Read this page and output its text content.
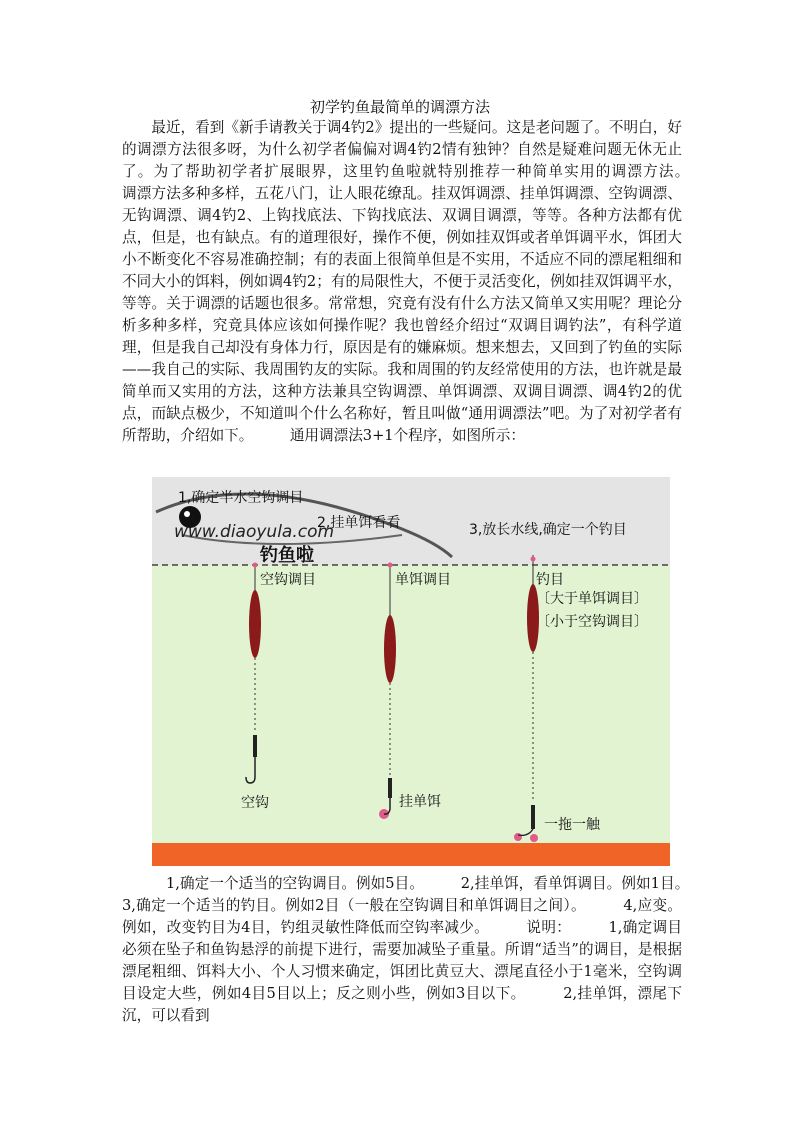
初学钓鱼最简单的调漂方法
　　最近，看到《新手请教关于调4钓2》提出的一些疑问。这是老问题了。不明白，好的调漂方法很多呀，为什么初学者偏偏对调4钓2情有独钟？自然是疑难问题无休无止了。为了帮助初学者扩展眼界，这里钓鱼啦就特别推荐一种简单实用的调漂方法。　　　调漂方法多种多样，五花八门，让人眼花缭乱。挂双饵调漂、挂单饵调漂、空钩调漂、无钩调漂、调4钓2、上钩找底法、下钩找底法、双调目调漂，等等。各种方法都有优点，但是，也有缺点。有的道理很好，操作不便，例如挂双饵或者单饵调平水，饵团大小不断变化不容易准确控制；有的表面上很简单但是不实用，不适应不同的漂尾粗细和不同大小的饵料，例如调4钓2；有的局限性大，不便于灵活变化，例如挂双饵调平水，等等。关于调漂的话题也很多。常常想，究竟有没有什么方法又简单又实用呢？理论分析多种多样，究竟具体应该如何操作呢？我也曾经介绍过“双调目调钓法”，有科学道理，但是我自己却没有身体力行，原因是有的嫌麻烦。想来想去，又回到了钓鱼的实际——我自己的实际、我周围钓友的实际。我和周围的钓友经常使用的方法，也许就是最简单而又实用的方法，这种方法兼具空钩调漂、单饵调漂、双调目调漂、调4钓2的优点，而缺点极少，不知道叫个什么名称好，暂且叫做“通用调漂法”吧。为了对初学者有所帮助，介绍如下。　　　通用调漂法3+1个程序，如图所示：
www.diaoyula.com
钓鱼啦
1,确定半水空钩调目
2,挂单饵看看	3,放长水线,确定一个钓目
空钩调目
空钩
单饵调目
挂单饵
钓目
〔大于单饵调目〕
〔小于空钩调目〕
一拖一触
　　　1,确定一个适当的空钩调目。例如5目。　　　2,挂单饵，看单饵调目。例如1目。　　　3,确定一个适当的钓目。例如2目（一般在空钩调目和单饵调目之间）。　　　4,应变。例如，改变钓目为4目，钓组灵敏性降低而空钩率减少。　　　说明：　　　1,确定调目必须在坠子和鱼钩悬浮的前提下进行，需要加减坠子重量。所谓“适当”的调目，是根据漂尾粗细、饵料大小、个人习惯来确定，饵团比黄豆大、漂尾直径小于1毫米，空钩调目设定大些，例如4目5目以上；反之则小些，例如3目以下。　　　2,挂单饵，漂尾下沉，可以看到
